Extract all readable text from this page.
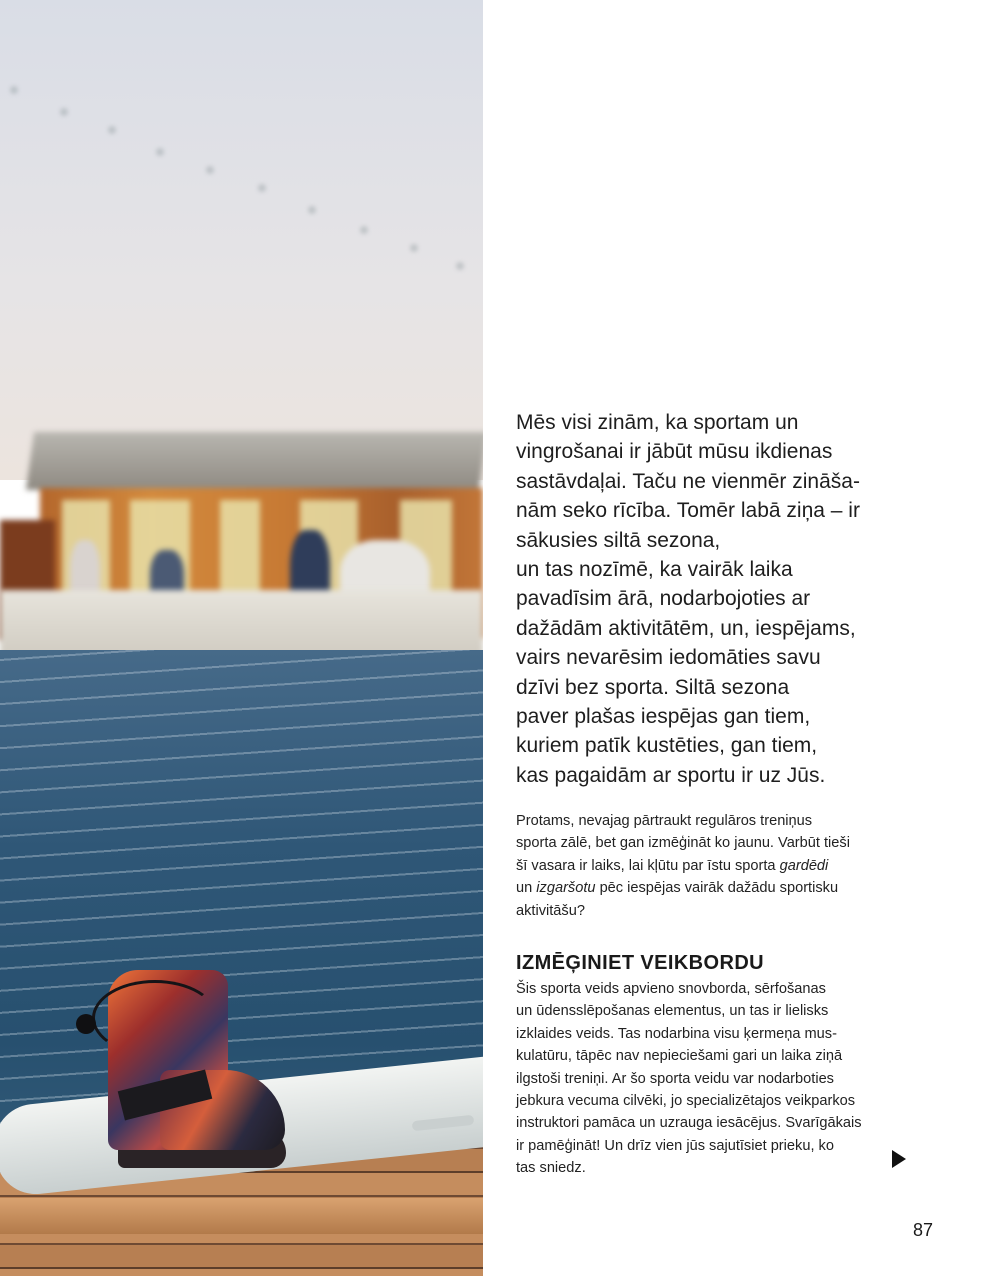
Mēs visi zinām, ka sportam un
vingrošanai ir jābūt mūsu ikdienas
sastāvdaļai. Taču ne vienmēr zināša-
nām seko rīcība. Tomēr labā ziņa – ir
sākusies siltā sezona,
un tas nozīmē, ka vairāk laika
pavadīsim ārā, nodarbojoties ar
dažādām aktivitātēm, un, iespējams,
vairs nevarēsim iedomāties savu
dzīvi bez sporta. Siltā sezona
paver plašas iespējas gan tiem,
kuriem patīk kustēties, gan tiem,
kas pagaidām ar sportu ir uz Jūs.

Protams, nevajag pārtraukt regulāros treniņus
sporta zālē, bet gan izmēģināt ko jaunu. Varbūt tieši
šī vasara ir laiks, lai kļūtu par īstu sporta gardēdi
un izgaršotu pēc iespējas vairāk dažādu sportisku
aktivitāšu?

IZMĒĢINIET VEIKBORDU

Šis sporta veids apvieno snovborda, sērfošanas
un ūdensslēpošanas elementus, un tas ir lielisks
izklaides veids. Tas nodarbina visu ķermeņa mus-
kulatūru, tāpēc nav nepieciešami gari un laika ziņā
ilgstoši treniņi. Ar šo sporta veidu var nodarboties
jebkura vecuma cilvēki, jo specializētajos veikparkos
instruktori pamāca un uzrauga iesācējus. Svarīgākais
ir pamēģināt! Un drīz vien jūs sajutīsiet prieku, ko
tas sniedz.

87
